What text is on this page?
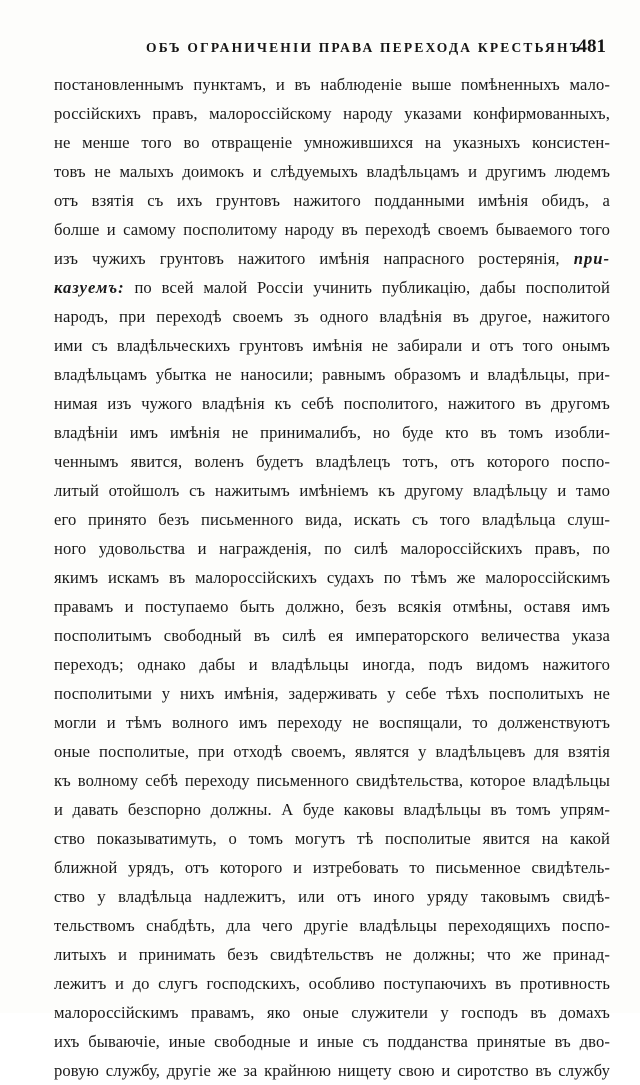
ОБЪ ОГРАНИЧЕНІИ ПРАВА ПЕРЕХОДА КРЕСТЬЯНЪ.
481
постановленнымъ пунктамъ, и въ наблюденіе выше помѣненныхъ мало-
россійскихъ правъ, малороссійскому народу указами конфирмованныхъ,
не менше того во отвращеніе умножившихся на указныхъ консистен-
товъ не малыхъ доимокъ и слѣдуемыхъ владѣльцамъ и другимъ людемъ
отъ взятія съ ихъ грунтовъ нажитого подданными имѣнія обидъ, а
болше и самому посполитому народу въ переходѣ своемъ бываемого того
изъ чужихъ грунтовъ нажитого имѣнія напрасного ростерянія, при-
казуемъ: по всей малой Россіи учинить публикацію, дабы посполитой
народъ, при переходѣ своемъ зъ одного владѣнія въ другое, нажитого
ими съ владѣльческихъ грунтовъ имѣнія не забирали и отъ того онымъ
владѣльцамъ убытка не наносили; равнымъ образомъ и владѣльцы, при-
нимая изъ чужого владѣнія къ себѣ посполитого, нажитого въ другомъ
владѣніи имъ имѣнія не принималибъ, но буде кто въ томъ изобли-
ченнымъ явится, воленъ будетъ владѣлецъ тотъ, отъ которого поспо-
литый отойшолъ съ нажитымъ имѣніемъ къ другому владѣльцу и тамо
его принято безъ письменного вида, искать съ того владѣльца слуш-
ного удовольства и награжденія, по силѣ малороссійскихъ правъ, по
якимъ искамъ въ малороссійскихъ судахъ по тѣмъ же малороссійскимъ
правамъ и поступаемо быть должно, безъ всякія отмѣны, оставя имъ
посполитымъ свободный въ силѣ ея императорского величества указа
переходъ; однако дабы и владѣльцы иногда, подъ видомъ нажитого
посполитыми у нихъ имѣнія, задерживать у себе тѣхъ посполитыхъ не
могли и тѣмъ волного имъ переходу не воспящали, то долженствуютъ
оные посполитые, при отходѣ своемъ, являтся у владѣльцевъ для взятія
къ волному себѣ переходу письменного свидѣтельства, которое владѣльцы
и давать безспорно должны. А буде каковы владѣльцы въ томъ упрям-
ство показыватимуть, о томъ могутъ тѣ посполитые явится на какой
ближной урядъ, отъ которого и изтребовать то письменное свидѣтель-
ство у владѣльца надлежитъ, или отъ иного уряду таковымъ свидѣ-
тельствомъ снабдѣть, дла чего другіе владѣльцы переходящихъ поспо-
литыхъ и принимать безъ свидѣтельствъ не должны; что же принад-
лежитъ и до слугъ господскихъ, особливо поступаючихъ въ противность
малороссійскимъ правамъ, яко оные служители у господъ въ домахъ
ихъ бываючіе, иные свободные и иные съ подданства принятые въ дво-
ровую службу, другіе же за крайнюю нищету свою и сиротство въ службу
